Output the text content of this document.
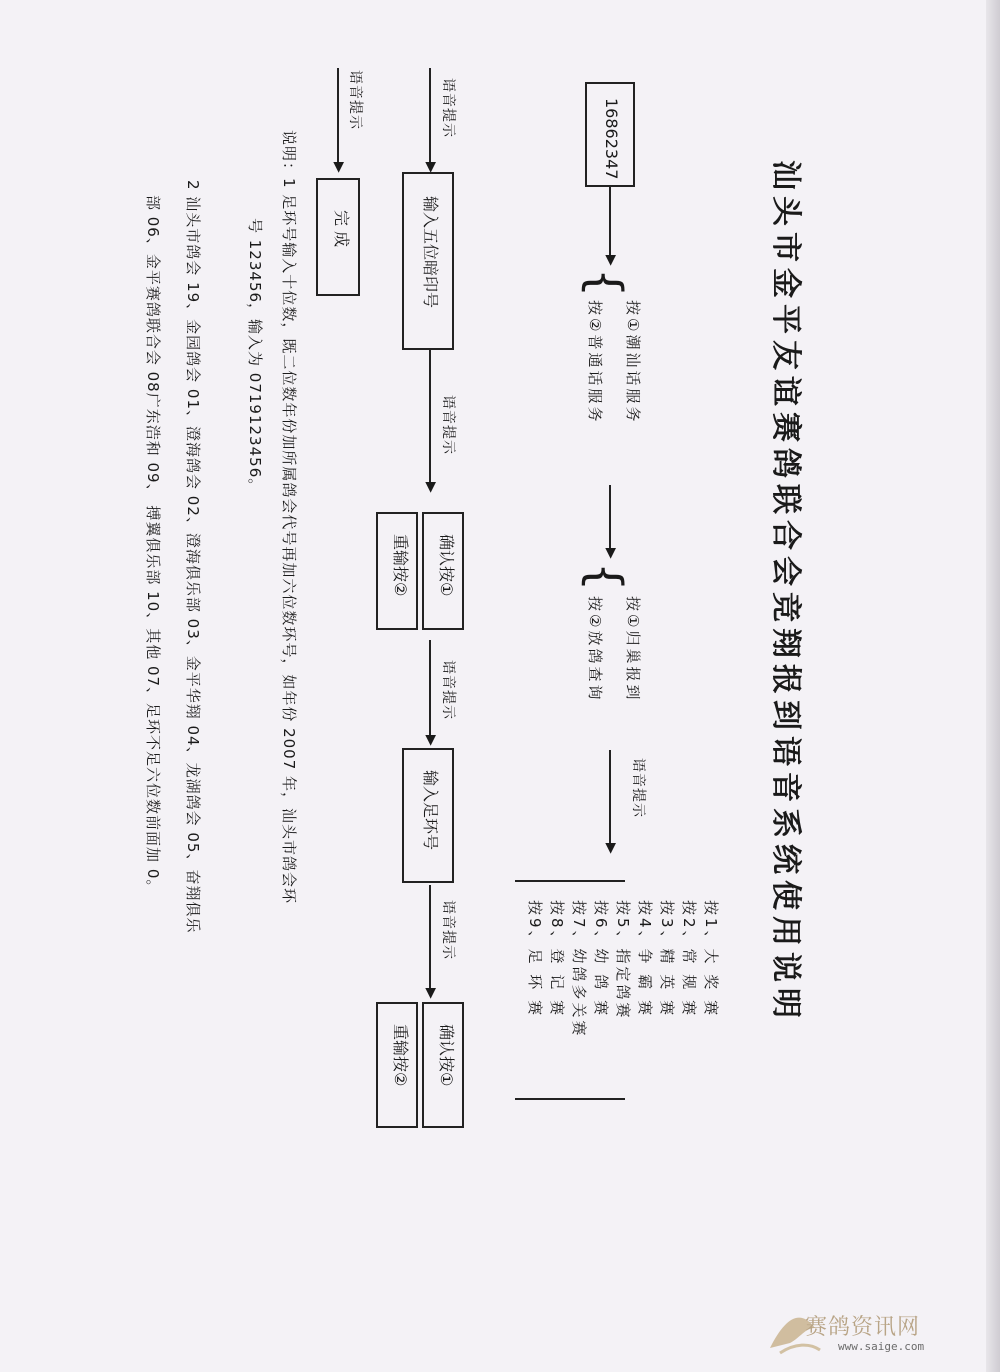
汕头市金平友谊赛鸽联合会竞翔报到语音系统使用说明
16862347
▶
{
按①潮汕话服务
按②普通话服务
▶
{
按①归巢报到
按②放鸽查询
语音提示
▶
按1、大 奖 赛
按2、常 规 赛
按3、精 英 赛
按4、争 霸 赛
按5、指定鸽赛
按6、幼 鸽 赛
按7、幼鸽多关赛
按8、登 记 赛
按9、足 环 赛
语音提示
▶
输入五位暗印号
语音提示
▶
确认按①
重输按②
语音提示
▶
输入足环号
语音提示
▶
确认按①
重输按②
语音提示
▶
完 成
说明：1 足环号输入十位数，既二位数年份加所属鸽会代号再加六位数环号，如年份 2007 年，汕头市鸽会环
号 123456，输入为 0719123456。
2 汕头市鸽会 19、金园鸽会 01、澄海鸽会 02、澄海俱乐部 03、金平华翔 04、龙湖鸽会 05、奋翔俱乐
部 06、金平赛鸽联合会 08广东浩和 09、 搏翼俱乐部 10、其他 07、足环不足六位数前面加 0。
赛鸽资讯网
www.saige.com
